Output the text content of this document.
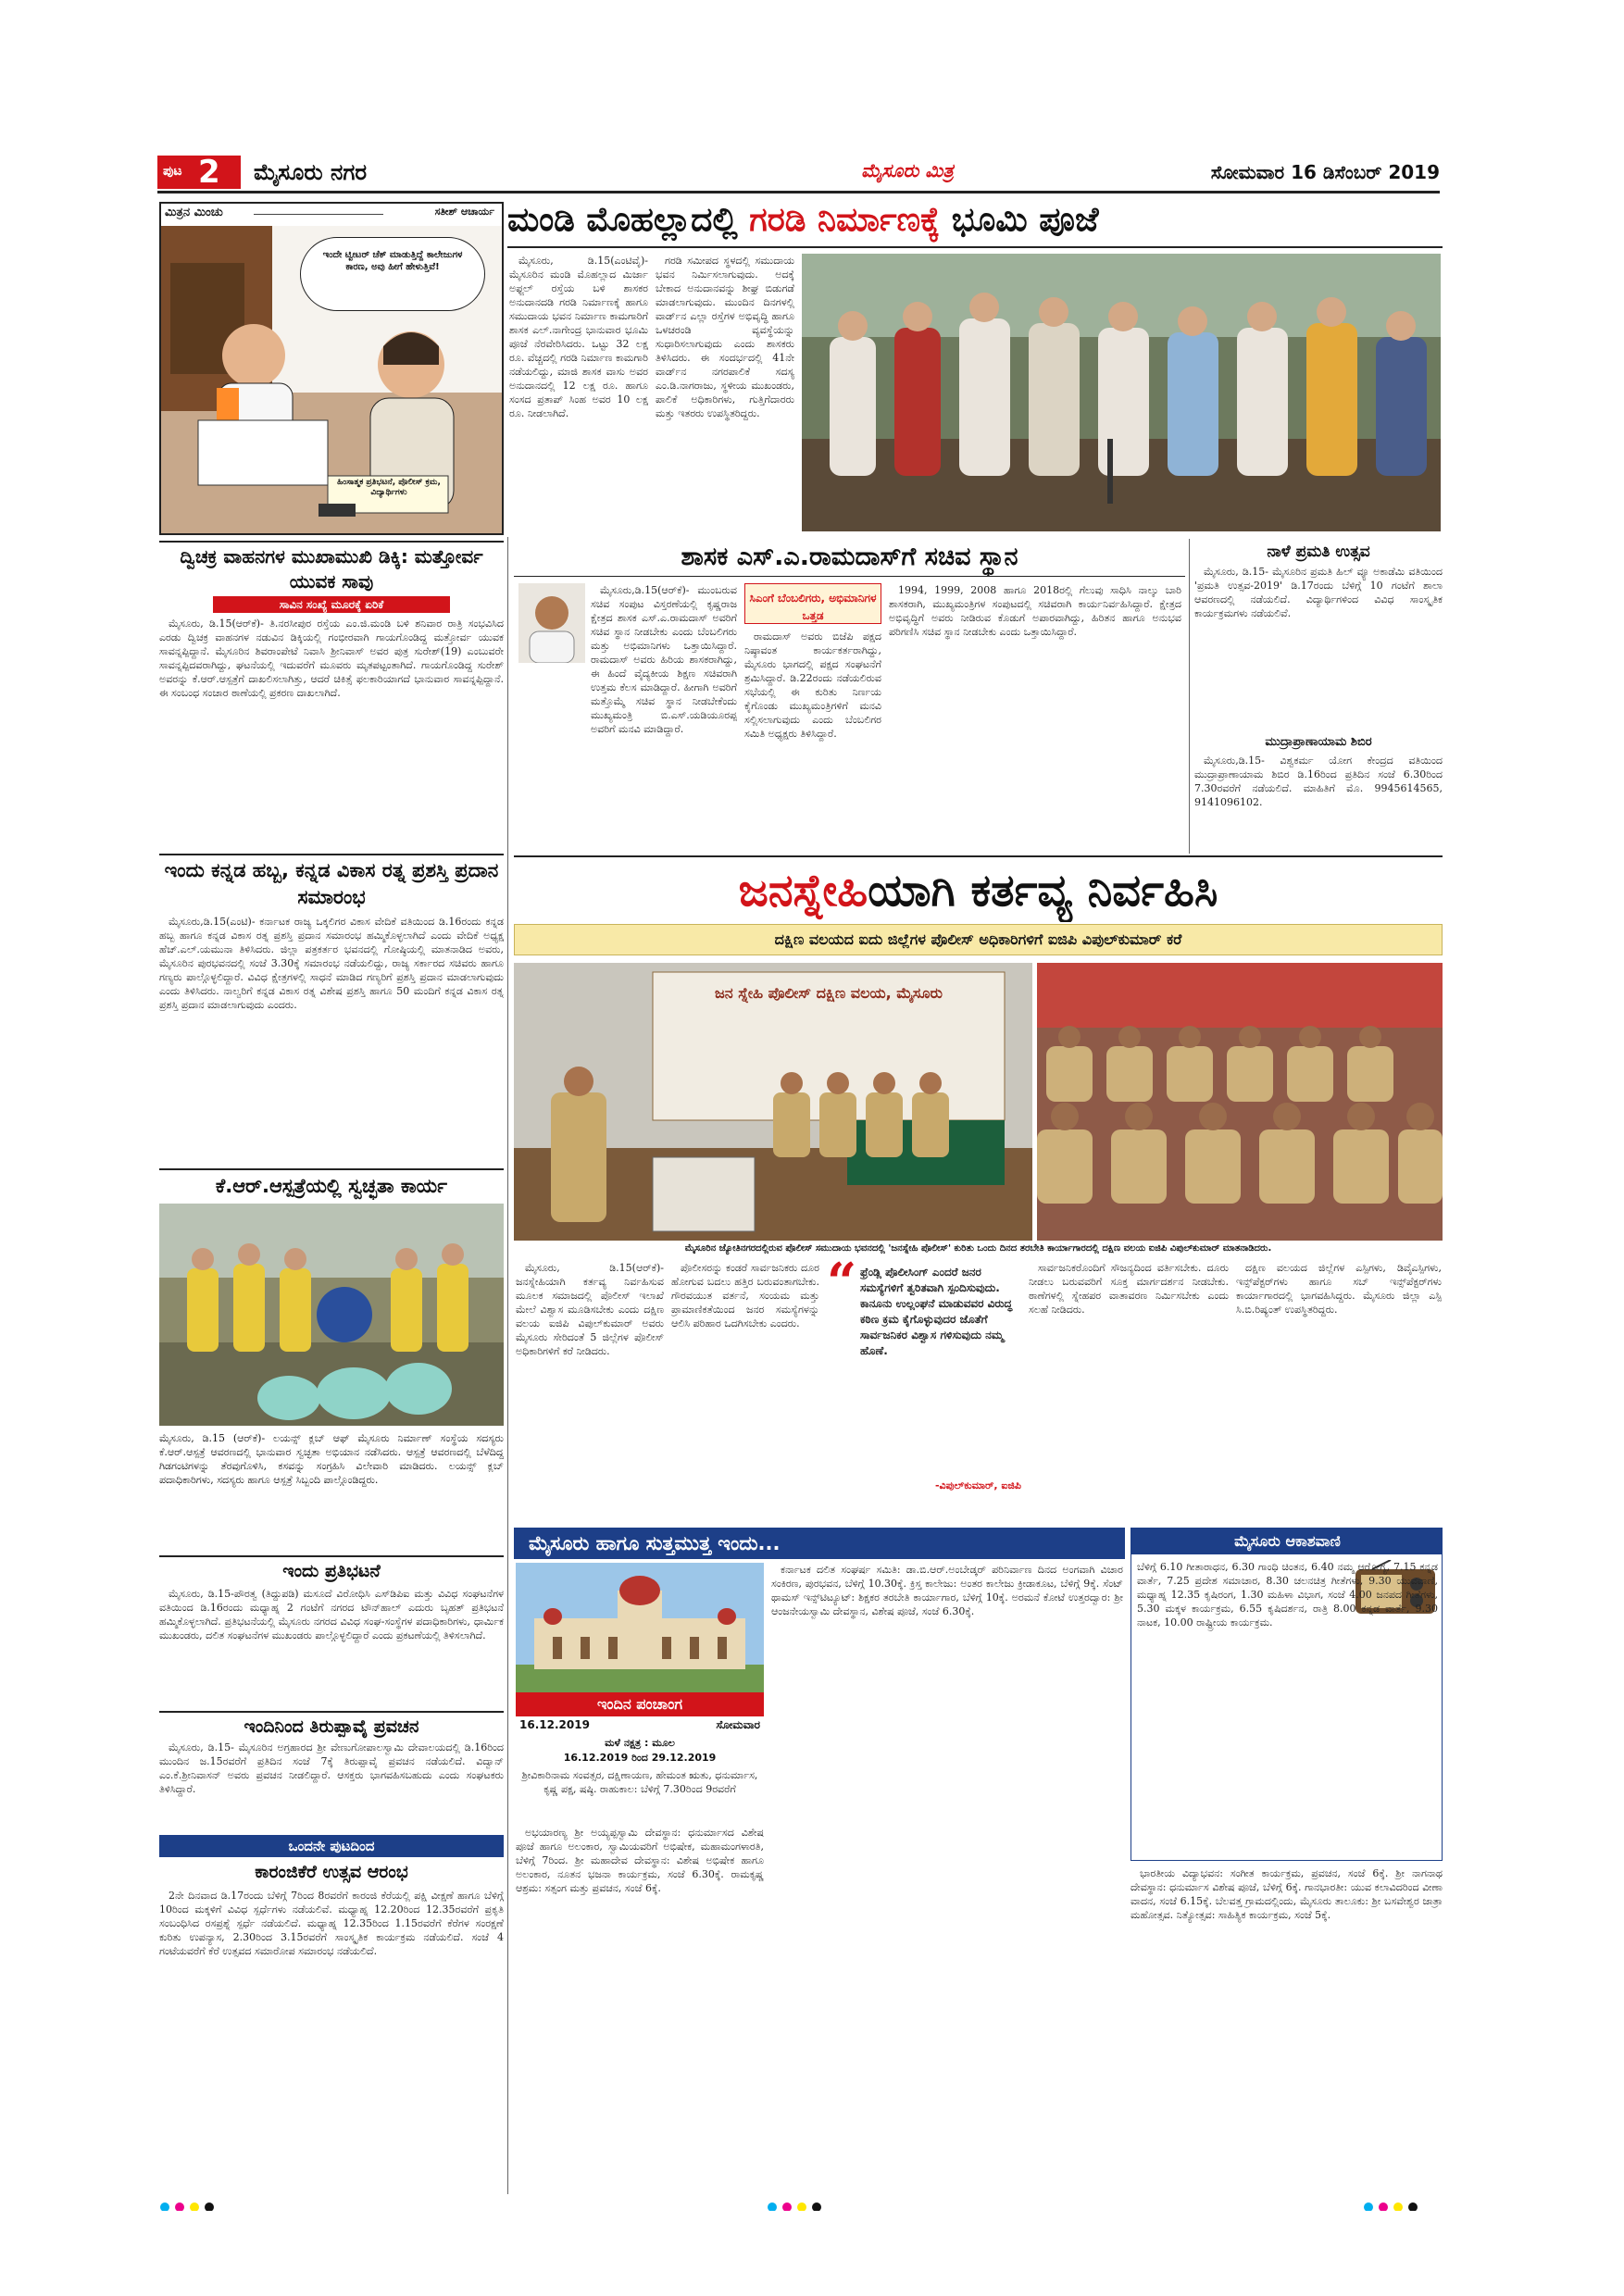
ಪುಟ 2 ಮೈಸೂರು ನಗರ	ಮೈಸೂರು ಮಿತ್ರ	ಸೋಮವಾರ 16 ಡಿಸೆಂಬರ್ 2019
ಮಿತ್ರನ ಮಿಂಚು	ಸತೀಶ್ ಆಚಾರ್ಯ
ಇಂದೇ ಟ್ವೀಟರ್ ಚೆಕ್ ಮಾಡುತ್ತಿದ್ದೆ ಕಾಲೇಜುಗಳ ಕಾರಣ, ಅವು ಹೀಗೆ ಹೇಳುತ್ತಿವೆ!
ಹಿಂಸಾತ್ಮಕ ಪ್ರತಿಭಟನೆ, ಪೊಲೀಸ್ ಕ್ರಮ, ವಿದ್ಯಾರ್ಥಿಗಳು
ಮಂಡಿ ಮೊಹಲ್ಲಾದಲ್ಲಿ ಗರಡಿ ನಿರ್ಮಾಣಕ್ಕೆ ಭೂಮಿ ಪೂಜೆ

ಮೈಸೂರು, ಡಿ.15(ಎಂಟಿವೈ)- ಮೈಸೂರಿನ ಮಂಡಿ ಮೊಹಲ್ಲಾದ ಮಿರ್ಜಾ ಅಫ್ಜಲ್ ರಸ್ತೆಯ ಬಳಿ ಶಾಸಕರ ಅನುದಾನದಡಿ ಗರಡಿ ನಿರ್ಮಾಣಕ್ಕೆ ಹಾಗೂ ಸಮುದಾಯ ಭವನ ನಿರ್ಮಾಣ ಕಾಮಗಾರಿಗೆ ಶಾಸಕ ಎಲ್.ನಾಗೇಂದ್ರ ಭಾನುವಾರ ಭೂಮಿ ಪೂಜೆ ನೆರವೇರಿಸಿದರು. ಒಟ್ಟು 32 ಲಕ್ಷ ರೂ. ವೆಚ್ಚದಲ್ಲಿ ಗರಡಿ ನಿರ್ಮಾಣ ಕಾಮಗಾರಿ ನಡೆಯಲಿದ್ದು, ಮಾಜಿ ಶಾಸಕ ವಾಸು ಅವರ ಅನುದಾನದಲ್ಲಿ 12 ಲಕ್ಷ ರೂ. ಹಾಗೂ ಸಂಸದ ಪ್ರತಾಪ್ ಸಿಂಹ ಅವರ 10 ಲಕ್ಷ ರೂ. ನೀಡಲಾಗಿದೆ.

ಗರಡಿ ಸಮೀಪದ ಸ್ಥಳದಲ್ಲಿ ಸಮುದಾಯ ಭವನ ನಿರ್ಮಿಸಲಾಗುವುದು. ಅದಕ್ಕೆ ಬೇಕಾದ ಅನುದಾನವನ್ನು ಶೀಘ್ರ ಬಿಡುಗಡೆ ಮಾಡಲಾಗುವುದು. ಮುಂದಿನ ದಿನಗಳಲ್ಲಿ ವಾರ್ಡ್‌ನ ಎಲ್ಲಾ ರಸ್ತೆಗಳ ಅಭಿವೃದ್ಧಿ ಹಾಗೂ ಒಳಚರಂಡಿ ವ್ಯವಸ್ಥೆಯನ್ನು ಸುಧಾರಿಸಲಾಗುವುದು ಎಂದು ಶಾಸಕರು ತಿಳಿಸಿದರು. ಈ ಸಂದರ್ಭದಲ್ಲಿ 41ನೇ ವಾರ್ಡ್‌ನ ನಗರಪಾಲಿಕೆ ಸದಸ್ಯ ಎಂ.ಡಿ.ನಾಗರಾಜು, ಸ್ಥಳೀಯ ಮುಖಂಡರು, ಪಾಲಿಕೆ ಅಧಿಕಾರಿಗಳು, ಗುತ್ತಿಗೆದಾರರು ಮತ್ತು ಇತರರು ಉಪಸ್ಥಿತರಿದ್ದರು.

ದ್ವಿಚಕ್ರ ವಾಹನಗಳ ಮುಖಾಮುಖಿ ಡಿಕ್ಕಿ: ಮತ್ತೋರ್ವ ಯುವಕ ಸಾವು
ಸಾವಿನ ಸಂಖ್ಯೆ ಮೂರಕ್ಕೆ ಏರಿಕೆ

ಮೈಸೂರು, ಡಿ.15(ಆರ್‌ಕೆ)- ತಿ.ನರಸೀಪುರ ರಸ್ತೆಯ ಎಂ.ಜಿ.ಮಂಡಿ ಬಳಿ ಶನಿವಾರ ರಾತ್ರಿ ಸಂಭವಿಸಿದ ಎರಡು ದ್ವಿಚಕ್ರ ವಾಹನಗಳ ನಡುವಿನ ಡಿಕ್ಕಿಯಲ್ಲಿ ಗಂಭೀರವಾಗಿ ಗಾಯಗೊಂಡಿದ್ದ ಮತ್ತೋರ್ವ ಯುವಕ ಸಾವನ್ನಪ್ಪಿದ್ದಾನೆ. ಮೈಸೂರಿನ ಶಿವರಾಂಪೇಟೆ ನಿವಾಸಿ ಶ್ರೀನಿವಾಸ್ ಅವರ ಪುತ್ರ ಸುರೇಶ್(19) ಎಂಬುವರೇ ಸಾವನ್ನಪ್ಪಿದವರಾಗಿದ್ದು, ಘಟನೆಯಲ್ಲಿ ಇದುವರೆಗೆ ಮೂವರು ಮೃತಪಟ್ಟಂತಾಗಿದೆ. ಗಾಯಗೊಂಡಿದ್ದ ಸುರೇಶ್ ಅವರನ್ನು ಕೆ.ಆರ್.ಆಸ್ಪತ್ರೆಗೆ ದಾಖಲಿಸಲಾಗಿತ್ತು, ಆದರೆ ಚಿಕಿತ್ಸೆ ಫಲಕಾರಿಯಾಗದೆ ಭಾನುವಾರ ಸಾವನ್ನಪ್ಪಿದ್ದಾನೆ. ಈ ಸಂಬಂಧ ಸಂಚಾರ ಠಾಣೆಯಲ್ಲಿ ಪ್ರಕರಣ ದಾಖಲಾಗಿದೆ.

ಇಂದು ಕನ್ನಡ ಹಬ್ಬ, ಕನ್ನಡ ವಿಕಾಸ ರತ್ನ ಪ್ರಶಸ್ತಿ ಪ್ರದಾನ ಸಮಾರಂಭ

ಮೈಸೂರು,ಡಿ.15(ಎಂಟಿ)- ಕರ್ನಾಟಕ ರಾಜ್ಯ ಒಕ್ಕಲಿಗರ ವಿಕಾಸ ವೇದಿಕೆ ವತಿಯಿಂದ ಡಿ.16ರಂದು ಕನ್ನಡ ಹಬ್ಬ ಹಾಗೂ ಕನ್ನಡ ವಿಕಾಸ ರತ್ನ ಪ್ರಶಸ್ತಿ ಪ್ರದಾನ ಸಮಾರಂಭ ಹಮ್ಮಿಕೊಳ್ಳಲಾಗಿದೆ ಎಂದು ವೇದಿಕೆ ಅಧ್ಯಕ್ಷ ಹೆಚ್.ಎಲ್.ಯಮುನಾ ತಿಳಿಸಿದರು. ಜಿಲ್ಲಾ ಪತ್ರಕರ್ತರ ಭವನದಲ್ಲಿ ಗೋಷ್ಠಿಯಲ್ಲಿ ಮಾತನಾಡಿದ ಅವರು, ಮೈಸೂರಿನ ಪುರಭವನದಲ್ಲಿ ಸಂಜೆ 3.30ಕ್ಕೆ ಸಮಾರಂಭ ನಡೆಯಲಿದ್ದು, ರಾಜ್ಯ ಸರ್ಕಾರದ ಸಚಿವರು ಹಾಗೂ ಗಣ್ಯರು ಪಾಲ್ಗೊಳ್ಳಲಿದ್ದಾರೆ. ವಿವಿಧ ಕ್ಷೇತ್ರಗಳಲ್ಲಿ ಸಾಧನೆ ಮಾಡಿದ ಗಣ್ಯರಿಗೆ ಪ್ರಶಸ್ತಿ ಪ್ರದಾನ ಮಾಡಲಾಗುವುದು ಎಂದು ತಿಳಿಸಿದರು. ನಾಲ್ವರಿಗೆ ಕನ್ನಡ ವಿಕಾಸ ರತ್ನ ವಿಶೇಷ ಪ್ರಶಸ್ತಿ ಹಾಗೂ 50 ಮಂದಿಗೆ ಕನ್ನಡ ವಿಕಾಸ ರತ್ನ ಪ್ರಶಸ್ತಿ ಪ್ರದಾನ ಮಾಡಲಾಗುವುದು ಎಂದರು.

ಕೆ.ಆರ್.ಆಸ್ಪತ್ರೆಯಲ್ಲಿ ಸ್ವಚ್ಛತಾ ಕಾರ್ಯ
ಮೈಸೂರು, ಡಿ.15 (ಆರ್‌ಕೆ)- ಲಯನ್ಸ್ ಕ್ಲಬ್ ಆಫ್ ಮೈಸೂರು ನಿರ್ಮಾಣ್ ಸಂಸ್ಥೆಯ ಸದಸ್ಯರು ಕೆ.ಆರ್.ಆಸ್ಪತ್ರೆ ಆವರಣದಲ್ಲಿ ಭಾನುವಾರ ಸ್ವಚ್ಛತಾ ಅಭಿಯಾನ ನಡೆಸಿದರು. ಆಸ್ಪತ್ರೆ ಆವರಣದಲ್ಲಿ ಬೆಳೆದಿದ್ದ ಗಿಡಗಂಟಿಗಳನ್ನು ತೆರವುಗೊಳಿಸಿ, ಕಸವನ್ನು ಸಂಗ್ರಹಿಸಿ ವಿಲೇವಾರಿ ಮಾಡಿದರು. ಲಯನ್ಸ್ ಕ್ಲಬ್ ಪದಾಧಿಕಾರಿಗಳು, ಸದಸ್ಯರು ಹಾಗೂ ಆಸ್ಪತ್ರೆ ಸಿಬ್ಬಂದಿ ಪಾಲ್ಗೊಂಡಿದ್ದರು.
ಇಂದು ಪ್ರತಿಭಟನೆ

ಮೈಸೂರು, ಡಿ.15-ಪೌರತ್ವ (ತಿದ್ದುಪಡಿ) ಮಸೂದೆ ವಿರೋಧಿಸಿ ಎಸ್‌ಡಿಪಿಐ ಮತ್ತು ವಿವಿಧ ಸಂಘಟನೆಗಳ ವತಿಯಿಂದ ಡಿ.16ರಂದು ಮಧ್ಯಾಹ್ನ 2 ಗಂಟೆಗೆ ನಗರದ ಟೌನ್‌ಹಾಲ್ ಎದುರು ಬೃಹತ್ ಪ್ರತಿಭಟನೆ ಹಮ್ಮಿಕೊಳ್ಳಲಾಗಿದೆ. ಪ್ರತಿಭಟನೆಯಲ್ಲಿ ಮೈಸೂರು ನಗರದ ವಿವಿಧ ಸಂಘ-ಸಂಸ್ಥೆಗಳ ಪದಾಧಿಕಾರಿಗಳು, ಧಾರ್ಮಿಕ ಮುಖಂಡರು, ದಲಿತ ಸಂಘಟನೆಗಳ ಮುಖಂಡರು ಪಾಲ್ಗೊಳ್ಳಲಿದ್ದಾರೆ ಎಂದು ಪ್ರಕಟಣೆಯಲ್ಲಿ ತಿಳಿಸಲಾಗಿದೆ.

ಇಂದಿನಿಂದ ತಿರುಪ್ಪಾವೈ ಪ್ರವಚನ

ಮೈಸೂರು, ಡಿ.15- ಮೈಸೂರಿನ ಅಗ್ರಹಾರದ ಶ್ರೀ ವೇಣುಗೋಪಾಲಸ್ವಾಮಿ ದೇವಾಲಯದಲ್ಲಿ ಡಿ.16ರಿಂದ ಮುಂದಿನ ಜ.15ರವರೆಗೆ ಪ್ರತಿದಿನ ಸಂಜೆ 7ಕ್ಕೆ ತಿರುಪ್ಪಾವೈ ಪ್ರವಚನ ನಡೆಯಲಿದೆ. ವಿದ್ವಾನ್ ಎಂ.ಕೆ.ಶ್ರೀನಿವಾಸನ್ ಅವರು ಪ್ರವಚನ ನೀಡಲಿದ್ದಾರೆ. ಆಸಕ್ತರು ಭಾಗವಹಿಸಬಹುದು ಎಂದು ಸಂಘಟಕರು ತಿಳಿಸಿದ್ದಾರೆ.

ಒಂದನೇ ಪುಟದಿಂದ
ಕಾರಂಜಿಕೆರೆ ಉತ್ಸವ ಆರಂಭ

2ನೇ ದಿನವಾದ ಡಿ.17ರಂದು ಬೆಳಿಗ್ಗೆ 7ರಿಂದ 8ರವರೆಗೆ ಕಾರಂಜಿ ಕೆರೆಯಲ್ಲಿ ಪಕ್ಷಿ ವೀಕ್ಷಣೆ ಹಾಗೂ ಬೆಳಿಗ್ಗೆ 10ರಿಂದ ಮಕ್ಕಳಿಗೆ ವಿವಿಧ ಸ್ಪರ್ಧೆಗಳು ನಡೆಯಲಿವೆ. ಮಧ್ಯಾಹ್ನ 12.20ರಿಂದ 12.35ರವರೆಗೆ ಪ್ರಕೃತಿ ಸಂಬಂಧಿಸಿದ ರಸಪ್ರಶ್ನೆ ಸ್ಪರ್ಧೆ ನಡೆಯಲಿದೆ. ಮಧ್ಯಾಹ್ನ 12.35ರಿಂದ 1.15ರವರೆಗೆ ಕೆರೆಗಳ ಸಂರಕ್ಷಣೆ ಕುರಿತು ಉಪನ್ಯಾಸ, 2.30ರಿಂದ 3.15ರವರೆಗೆ ಸಾಂಸ್ಕೃತಿಕ ಕಾರ್ಯಕ್ರಮ ನಡೆಯಲಿದೆ. ಸಂಜೆ 4 ಗಂಟೆಯವರೆಗೆ ಕೆರೆ ಉತ್ಸವದ ಸಮಾರೋಪ ಸಮಾರಂಭ ನಡೆಯಲಿದೆ.

ಶಾಸಕ ಎಸ್.ಎ.ರಾಮದಾಸ್‌ಗೆ ಸಚಿವ ಸ್ಥಾನ

ಮೈಸೂರು,ಡಿ.15(ಆರ್‌ಕೆ)- ಮುಂಬರುವ ಸಚಿವ ಸಂಪುಟ ವಿಸ್ತರಣೆಯಲ್ಲಿ ಕೃಷ್ಣರಾಜ ಕ್ಷೇತ್ರದ ಶಾಸಕ ಎಸ್.ಎ.ರಾಮದಾಸ್ ಅವರಿಗೆ ಸಚಿವ ಸ್ಥಾನ ನೀಡಬೇಕು ಎಂದು ಬೆಂಬಲಿಗರು ಮತ್ತು ಅಭಿಮಾನಿಗಳು ಒತ್ತಾಯಿಸಿದ್ದಾರೆ. ರಾಮದಾಸ್ ಅವರು ಹಿರಿಯ ಶಾಸಕರಾಗಿದ್ದು, ಈ ಹಿಂದೆ ವೈದ್ಯಕೀಯ ಶಿಕ್ಷಣ ಸಚಿವರಾಗಿ ಉತ್ತಮ ಕೆಲಸ ಮಾಡಿದ್ದಾರೆ. ಹೀಗಾಗಿ ಅವರಿಗೆ ಮತ್ತೊಮ್ಮೆ ಸಚಿವ ಸ್ಥಾನ ನೀಡಬೇಕೆಂದು ಮುಖ್ಯಮಂತ್ರಿ ಬಿ.ಎಸ್.ಯಡಿಯೂರಪ್ಪ ಅವರಿಗೆ ಮನವಿ ಮಾಡಿದ್ದಾರೆ.

ಸಿಎಂಗೆ ಬೆಂಬಲಿಗರು, ಅಭಿಮಾನಿಗಳ ಒತ್ತಡ

ರಾಮದಾಸ್ ಅವರು ಬಿಜೆಪಿ ಪಕ್ಷದ ನಿಷ್ಠಾವಂತ ಕಾರ್ಯಕರ್ತರಾಗಿದ್ದು, ಮೈಸೂರು ಭಾಗದಲ್ಲಿ ಪಕ್ಷದ ಸಂಘಟನೆಗೆ ಶ್ರಮಿಸಿದ್ದಾರೆ. ಡಿ.22ರಂದು ನಡೆಯಲಿರುವ ಸಭೆಯಲ್ಲಿ ಈ ಕುರಿತು ನಿರ್ಣಯ ಕೈಗೊಂಡು ಮುಖ್ಯಮಂತ್ರಿಗಳಿಗೆ ಮನವಿ ಸಲ್ಲಿಸಲಾಗುವುದು ಎಂದು ಬೆಂಬಲಿಗರ ಸಮಿತಿ ಅಧ್ಯಕ್ಷರು ತಿಳಿಸಿದ್ದಾರೆ.

1994, 1999, 2008 ಹಾಗೂ 2018ರಲ್ಲಿ ಗೆಲುವು ಸಾಧಿಸಿ ನಾಲ್ಕು ಬಾರಿ ಶಾಸಕರಾಗಿ, ಮುಖ್ಯಮಂತ್ರಿಗಳ ಸಂಪುಟದಲ್ಲಿ ಸಚಿವರಾಗಿ ಕಾರ್ಯನಿರ್ವಹಿಸಿದ್ದಾರೆ. ಕ್ಷೇತ್ರದ ಅಭಿವೃದ್ಧಿಗೆ ಅವರು ನೀಡಿರುವ ಕೊಡುಗೆ ಅಪಾರವಾಗಿದ್ದು, ಹಿರಿತನ ಹಾಗೂ ಅನುಭವ ಪರಿಗಣಿಸಿ ಸಚಿವ ಸ್ಥಾನ ನೀಡಬೇಕು ಎಂದು ಒತ್ತಾಯಿಸಿದ್ದಾರೆ.

ನಾಳೆ ಪ್ರಮತಿ ಉತ್ಸವ

ಮೈಸೂರು, ಡಿ.15- ಮೈಸೂರಿನ ಪ್ರಮತಿ ಹಿಲ್ ವ್ಯೂ ಅಕಾಡೆಮಿ ವತಿಯಿಂದ 'ಪ್ರಮತಿ ಉತ್ಸವ-2019' ಡಿ.17ರಂದು ಬೆಳಿಗ್ಗೆ 10 ಗಂಟೆಗೆ ಶಾಲಾ ಆವರಣದಲ್ಲಿ ನಡೆಯಲಿದೆ. ವಿದ್ಯಾರ್ಥಿಗಳಿಂದ ವಿವಿಧ ಸಾಂಸ್ಕೃತಿಕ ಕಾರ್ಯಕ್ರಮಗಳು ನಡೆಯಲಿವೆ.

ಮುದ್ರಾಪ್ರಾಣಾಯಾಮ ಶಿಬಿರ

ಮೈಸೂರು,ಡಿ.15- ವಿಶ್ವಕರ್ಮ ಯೋಗ ಕೇಂದ್ರದ ವತಿಯಿಂದ ಮುದ್ರಾಪ್ರಾಣಾಯಾಮ ಶಿಬಿರ ಡಿ.16ರಿಂದ ಪ್ರತಿದಿನ ಸಂಜೆ 6.30ರಿಂದ 7.30ರವರೆಗೆ ನಡೆಯಲಿದೆ. ಮಾಹಿತಿಗೆ ಮೊ. 9945614565, 9141096102.

ಜನಸ್ನೇಹಿಯಾಗಿ ಕರ್ತವ್ಯ ನಿರ್ವಹಿಸಿ
ದಕ್ಷಿಣ ವಲಯದ ಐದು ಜಿಲ್ಲೆಗಳ ಪೊಲೀಸ್ ಅಧಿಕಾರಿಗಳಿಗೆ ಐಜಿಪಿ ವಿಪುಲ್‌ಕುಮಾರ್ ಕರೆ
ಜನ ಸ್ನೇಹಿ ಪೊಲೀಸ್ ದಕ್ಷಿಣ ವಲಯ, ಮೈಸೂರು
ಮೈಸೂರಿನ ಜ್ಯೋತಿನಗರದಲ್ಲಿರುವ ಪೊಲೀಸ್ ಸಮುದಾಯ ಭವನದಲ್ಲಿ 'ಜನಸ್ನೇಹಿ ಪೊಲೀಸ್' ಕುರಿತು ಒಂದು ದಿನದ ತರಬೇತಿ ಕಾರ್ಯಾಗಾರದಲ್ಲಿ ದಕ್ಷಿಣ ವಲಯ ಐಜಿಪಿ ವಿಪುಲ್‌ಕುಮಾರ್ ಮಾತನಾಡಿದರು.

ಮೈಸೂರು, ಡಿ.15(ಆರ್‌ಕೆ)- ಜನಸ್ನೇಹಿಯಾಗಿ ಕರ್ತವ್ಯ ನಿರ್ವಹಿಸುವ ಮೂಲಕ ಸಮಾಜದಲ್ಲಿ ಪೊಲೀಸ್ ಇಲಾಖೆ ಮೇಲೆ ವಿಶ್ವಾಸ ಮೂಡಿಸಬೇಕು ಎಂದು ದಕ್ಷಿಣ ವಲಯ ಐಜಿಪಿ ವಿಪುಲ್‌ಕುಮಾರ್ ಅವರು ಮೈಸೂರು ಸೇರಿದಂತೆ 5 ಜಿಲ್ಲೆಗಳ ಪೊಲೀಸ್ ಅಧಿಕಾರಿಗಳಿಗೆ ಕರೆ ನೀಡಿದರು.

ಪೊಲೀಸರನ್ನು ಕಂಡರೆ ಸಾರ್ವಜನಿಕರು ದೂರ ಹೋಗುವ ಬದಲು ಹತ್ತಿರ ಬರುವಂತಾಗಬೇಕು. ಗೌರವಯುತ ವರ್ತನೆ, ಸಂಯಮ ಮತ್ತು ಪ್ರಾಮಾಣಿಕತೆಯಿಂದ ಜನರ ಸಮಸ್ಯೆಗಳನ್ನು ಆಲಿಸಿ ಪರಿಹಾರ ಒದಗಿಸಬೇಕು ಎಂದರು.

“ ಫ್ರೆಂಡ್ಲಿ ಪೊಲೀಸಿಂಗ್ ಎಂದರೆ ಜನರ ಸಮಸ್ಯೆಗಳಿಗೆ ತ್ವರಿತವಾಗಿ ಸ್ಪಂದಿಸುವುದು. ಕಾನೂನು ಉಲ್ಲಂಘನೆ ಮಾಡುವವರ ವಿರುದ್ಧ ಕಠಿಣ ಕ್ರಮ ಕೈಗೊಳ್ಳುವುದರ ಜೊತೆಗೆ ಸಾರ್ವಜನಿಕರ ವಿಶ್ವಾಸ ಗಳಿಸುವುದು ನಮ್ಮ ಹೊಣೆ.
-ವಿಪುಲ್‌ಕುಮಾರ್, ಐಜಿಪಿ

ಸಾರ್ವಜನಿಕರೊಂದಿಗೆ ಸೌಜನ್ಯದಿಂದ ವರ್ತಿಸಬೇಕು. ದೂರು ನೀಡಲು ಬರುವವರಿಗೆ ಸೂಕ್ತ ಮಾರ್ಗದರ್ಶನ ನೀಡಬೇಕು. ಠಾಣೆಗಳಲ್ಲಿ ಸ್ನೇಹಪರ ವಾತಾವರಣ ನಿರ್ಮಿಸಬೇಕು ಎಂದು ಸಲಹೆ ನೀಡಿದರು.

ದಕ್ಷಿಣ ವಲಯದ ಜಿಲ್ಲೆಗಳ ಎಸ್ಪಿಗಳು, ಡಿವೈಎಸ್ಪಿಗಳು, ಇನ್ಸ್‌ಪೆಕ್ಟರ್‌ಗಳು ಹಾಗೂ ಸಬ್ ಇನ್ಸ್‌ಪೆಕ್ಟರ್‌ಗಳು ಕಾರ್ಯಾಗಾರದಲ್ಲಿ ಭಾಗವಹಿಸಿದ್ದರು. ಮೈಸೂರು ಜಿಲ್ಲಾ ಎಸ್ಪಿ ಸಿ.ಬಿ.ರಿಷ್ಯಂತ್ ಉಪಸ್ಥಿತರಿದ್ದರು.

ಮೈಸೂರು ಹಾಗೂ ಸುತ್ತಮುತ್ತ ಇಂದು...
ಇಂದಿನ ಪಂಚಾಂಗ
16.12.2019	ಸೋಮವಾರ
ಮಳೆ ನಕ್ಷತ್ರ : ಮೂಲ
16.12.2019 ರಿಂದ 29.12.2019
ಶ್ರೀವಿಕಾರಿನಾಮ ಸಂವತ್ಸರ, ದಕ್ಷಿಣಾಯಣ, ಹೇಮಂತ ಋತು, ಧನುರ್ಮಾಸ, ಕೃಷ್ಣ ಪಕ್ಷ, ಷಷ್ಠಿ. ರಾಹುಕಾಲ: ಬೆಳಿಗ್ಗೆ 7.30ರಿಂದ 9ರವರೆಗೆ

ಅಭಯಾರಣ್ಯ ಶ್ರೀ ಅಯ್ಯಪ್ಪಸ್ವಾಮಿ ದೇವಸ್ಥಾನ: ಧನುರ್ಮಾಸದ ವಿಶೇಷ ಪೂಜೆ ಹಾಗೂ ಅಲಂಕಾರ, ಸ್ವಾಮಿಯವರಿಗೆ ಅಭಿಷೇಕ, ಮಹಾಮಂಗಳಾರತಿ, ಬೆಳಿಗ್ಗೆ 7ರಿಂದ. ಶ್ರೀ ಮಹಾದೇವ ದೇವಸ್ಥಾನ: ವಿಶೇಷ ಅಭಿಷೇಕ ಹಾಗೂ ಅಲಂಕಾರ, ನೂತನ ಭಜನಾ ಕಾರ್ಯಕ್ರಮ, ಸಂಜೆ 6.30ಕ್ಕೆ. ರಾಮಕೃಷ್ಣ ಆಶ್ರಮ: ಸತ್ಸಂಗ ಮತ್ತು ಪ್ರವಚನ, ಸಂಜೆ 6ಕ್ಕೆ.

ಕರ್ನಾಟಕ ದಲಿತ ಸಂಘರ್ಷ ಸಮಿತಿ: ಡಾ.ಬಿ.ಆರ್.ಅಂಬೇಡ್ಕರ್ ಪರಿನಿರ್ವಾಣ ದಿನದ ಅಂಗವಾಗಿ ವಿಚಾರ ಸಂಕಿರಣ, ಪುರಭವನ, ಬೆಳಿಗ್ಗೆ 10.30ಕ್ಕೆ. ಕ್ರಿಸ್ತ ಕಾಲೇಜು: ಅಂತರ ಕಾಲೇಜು ಕ್ರೀಡಾಕೂಟ, ಬೆಳಿಗ್ಗೆ 9ಕ್ಕೆ. ಸೆಂಟ್ ಥಾಮಸ್ ಇನ್ಸ್‌ಟಿಟ್ಯೂಟ್: ಶಿಕ್ಷಕರ ತರಬೇತಿ ಕಾರ್ಯಾಗಾರ, ಬೆಳಿಗ್ಗೆ 10ಕ್ಕೆ. ಅರಮನೆ ಕೋಟೆ ಉತ್ತರದ್ವಾರ: ಶ್ರೀ ಆಂಜನೇಯಸ್ವಾಮಿ ದೇವಸ್ಥಾನ, ವಿಶೇಷ ಪೂಜೆ, ಸಂಜೆ 6.30ಕ್ಕೆ.

ಮೈಸೂರು ಆಕಾಶವಾಣಿ

ಬೆಳಿಗ್ಗೆ 6.10 ಗೀತಾರಾಧನ, 6.30 ಗಾಂಧಿ ಚಿಂತನ, 6.40 ನಮ್ಮ ಆರೋಗ್ಯ, 7.15 ಕನ್ನಡ ವಾರ್ತೆ, 7.25 ಪ್ರದೇಶ ಸಮಾಚಾರ, 8.30 ಚಲನಚಿತ್ರ ಗೀತೆಗಳು, 9.30 ಯುವವಾಣಿ, ಮಧ್ಯಾಹ್ನ 12.35 ಕೃಷಿರಂಗ, 1.30 ಮಹಿಳಾ ವಿಭಾಗ, ಸಂಜೆ 4.00 ಜನಪದ ಗೀತೆಗಳು, 5.30 ಮಕ್ಕಳ ಕಾರ್ಯಕ್ರಮ, 6.55 ಕೃಷಿದರ್ಶನ, ರಾತ್ರಿ 8.00 ಕನ್ನಡ ವಾರ್ತೆ, 9.30 ನಾಟಕ, 10.00 ರಾಷ್ಟ್ರೀಯ ಕಾರ್ಯಕ್ರಮ.

ಭಾರತೀಯ ವಿದ್ಯಾಭವನ: ಸಂಗೀತ ಕಾರ್ಯಕ್ರಮ, ಪ್ರವಚನ, ಸಂಜೆ 6ಕ್ಕೆ. ಶ್ರೀ ನಾಗನಾಥ ದೇವಸ್ಥಾನ: ಧನುರ್ಮಾಸ ವಿಶೇಷ ಪೂಜೆ, ಬೆಳಿಗ್ಗೆ 6ಕ್ಕೆ. ಗಾನಭಾರತೀ: ಯುವ ಕಲಾವಿದರಿಂದ ವೀಣಾ ವಾದನ, ಸಂಜೆ 6.15ಕ್ಕೆ. ಬೆಲವತ್ತ ಗ್ರಾಮದಲ್ಲಿಂದು, ಮೈಸೂರು ತಾಲೂಕು: ಶ್ರೀ ಬಸವೇಶ್ವರ ಜಾತ್ರಾ ಮಹೋತ್ಸವ. ನಿತ್ಯೋತ್ಸವ: ಸಾಹಿತ್ಯಿಕ ಕಾರ್ಯಕ್ರಮ, ಸಂಜೆ 5ಕ್ಕೆ.
